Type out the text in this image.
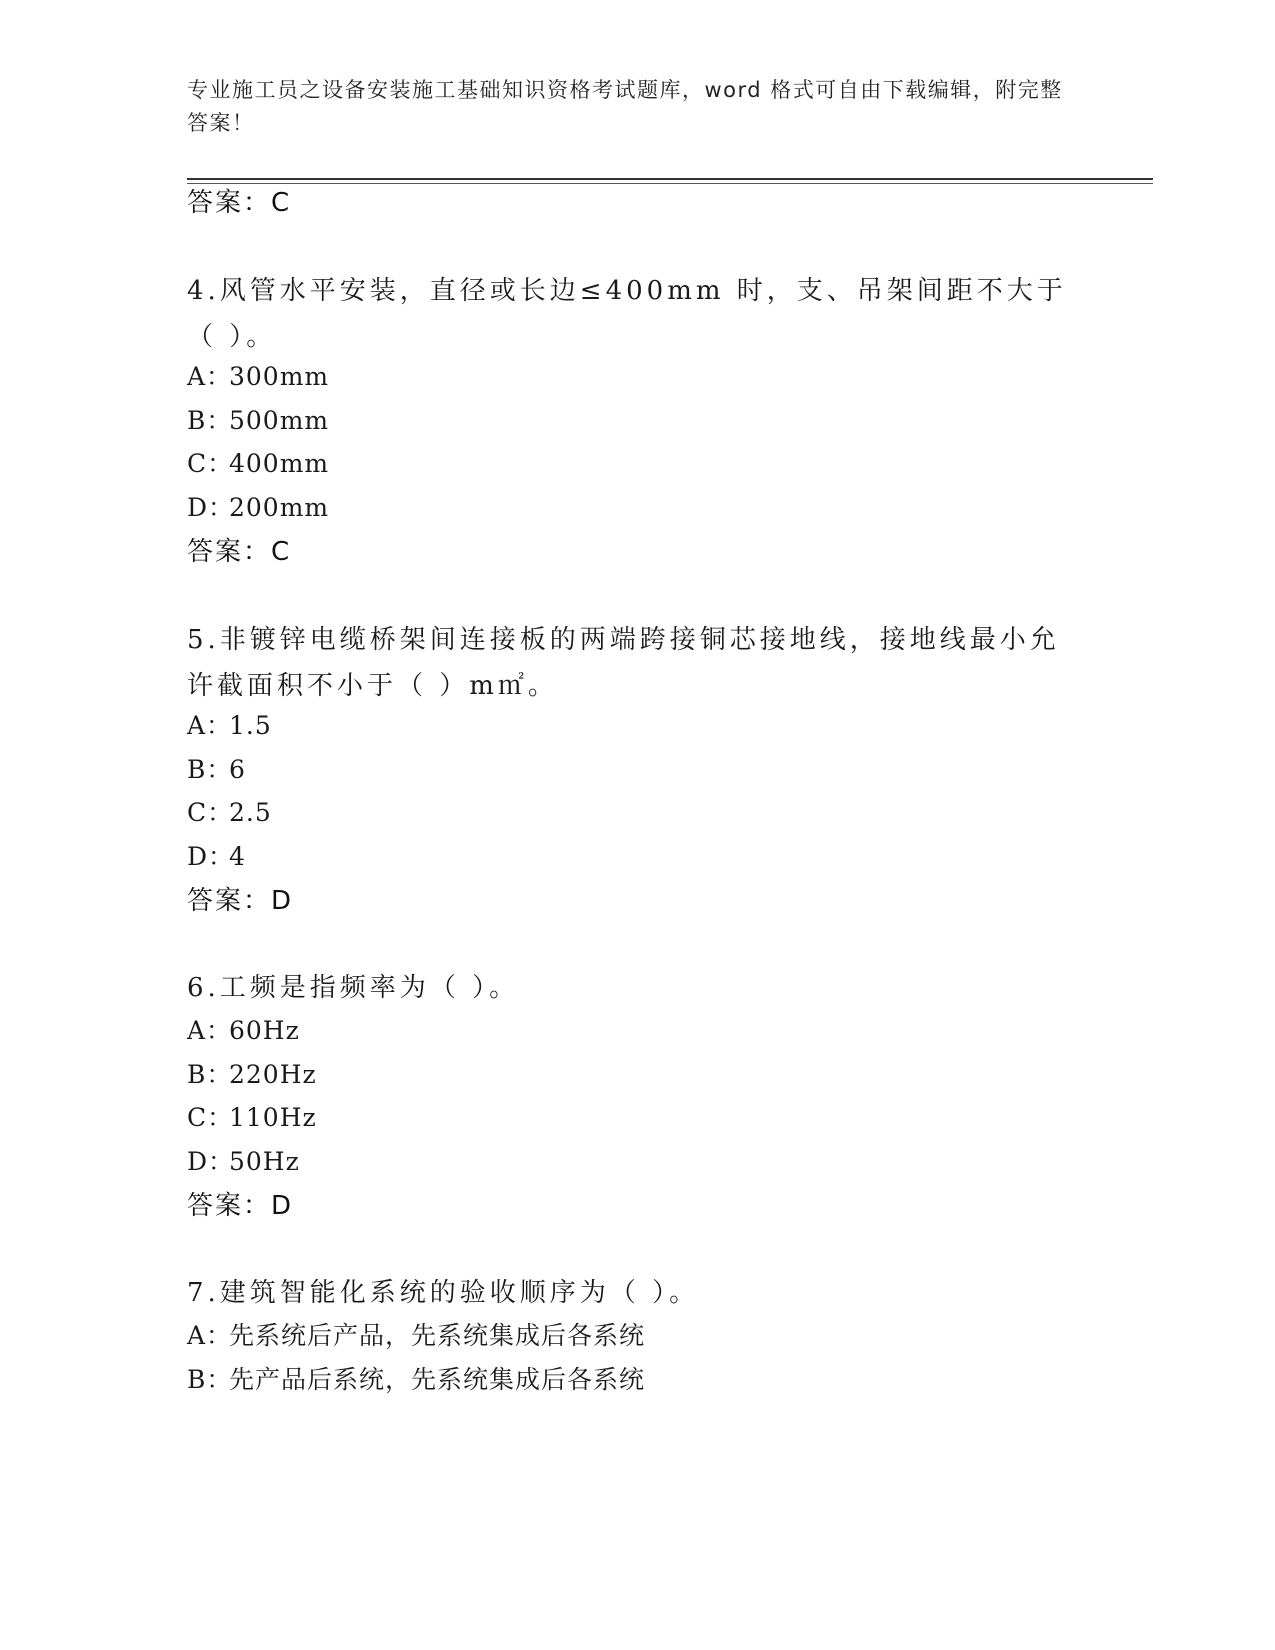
专业施工员之设备安装施工基础知识资格考试题库，word 格式可自由下载编辑，附完整答案！
答案：C
4.风管水平安装，直径或长边≤400mm 时，支、吊架间距不大于（ ）。
A：300mm
B：500mm
C：400mm
D：200mm
答案：C
5.非镀锌电缆桥架间连接板的两端跨接铜芯接地线，接地线最小允许截面积不小于（ ）m㎡。
A：1.5
B：6
C：2.5
D：4
答案：D
6.工频是指频率为（ ）。
A：60Hz
B：220Hz
C：110Hz
D：50Hz
答案：D
7.建筑智能化系统的验收顺序为（ ）。
A：先系统后产品，先系统集成后各系统
B：先产品后系统，先系统集成后各系统
